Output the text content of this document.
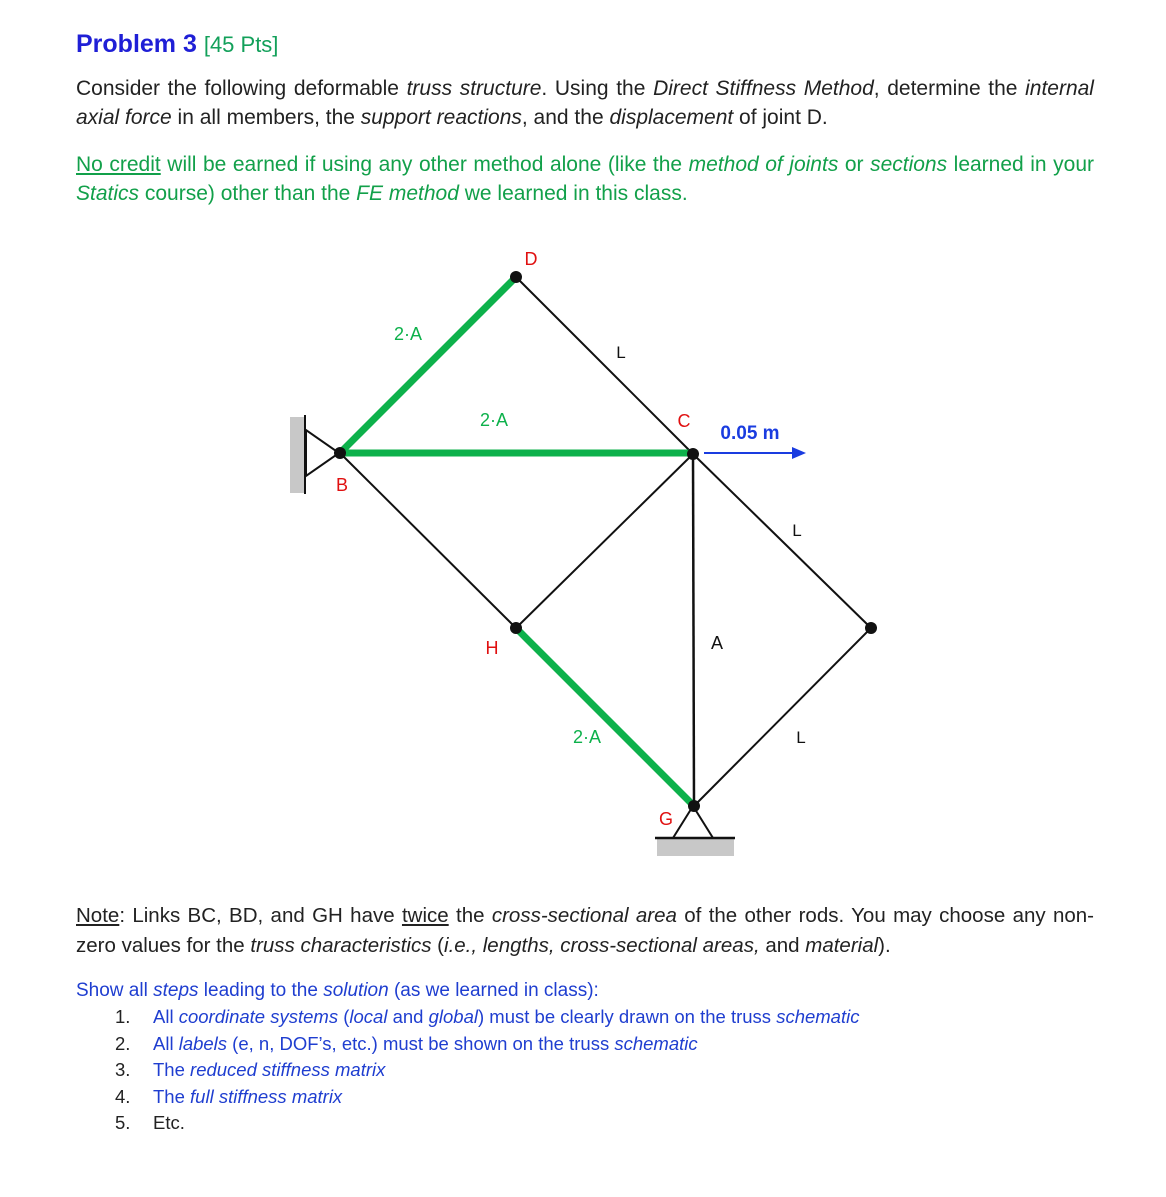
Problem 3 [45 Pts]
Consider the following deformable truss structure. Using the Direct Stiffness Method, determine the internal axial force in all members, the support reactions, and the displacement of joint D.
No credit will be earned if using any other method alone (like the method of joints or sections learned in your Statics course) other than the FE method we learned in this class.
D
B
C
H
G
2·A
2·A
2·A
A
L
L
L
0.05 m
Note: Links BC, BD, and GH have twice the cross-sectional area of the other rods. You may choose any non-zero values for the truss characteristics (i.e., lengths, cross-sectional areas, and material).
Show all steps leading to the solution (as we learned in class):
1. All coordinate systems (local and global) must be clearly drawn on the truss schematic
2. All labels (e, n, DOF’s, etc.) must be shown on the truss schematic
3. The reduced stiffness matrix
4. The full stiffness matrix
5. Etc.
